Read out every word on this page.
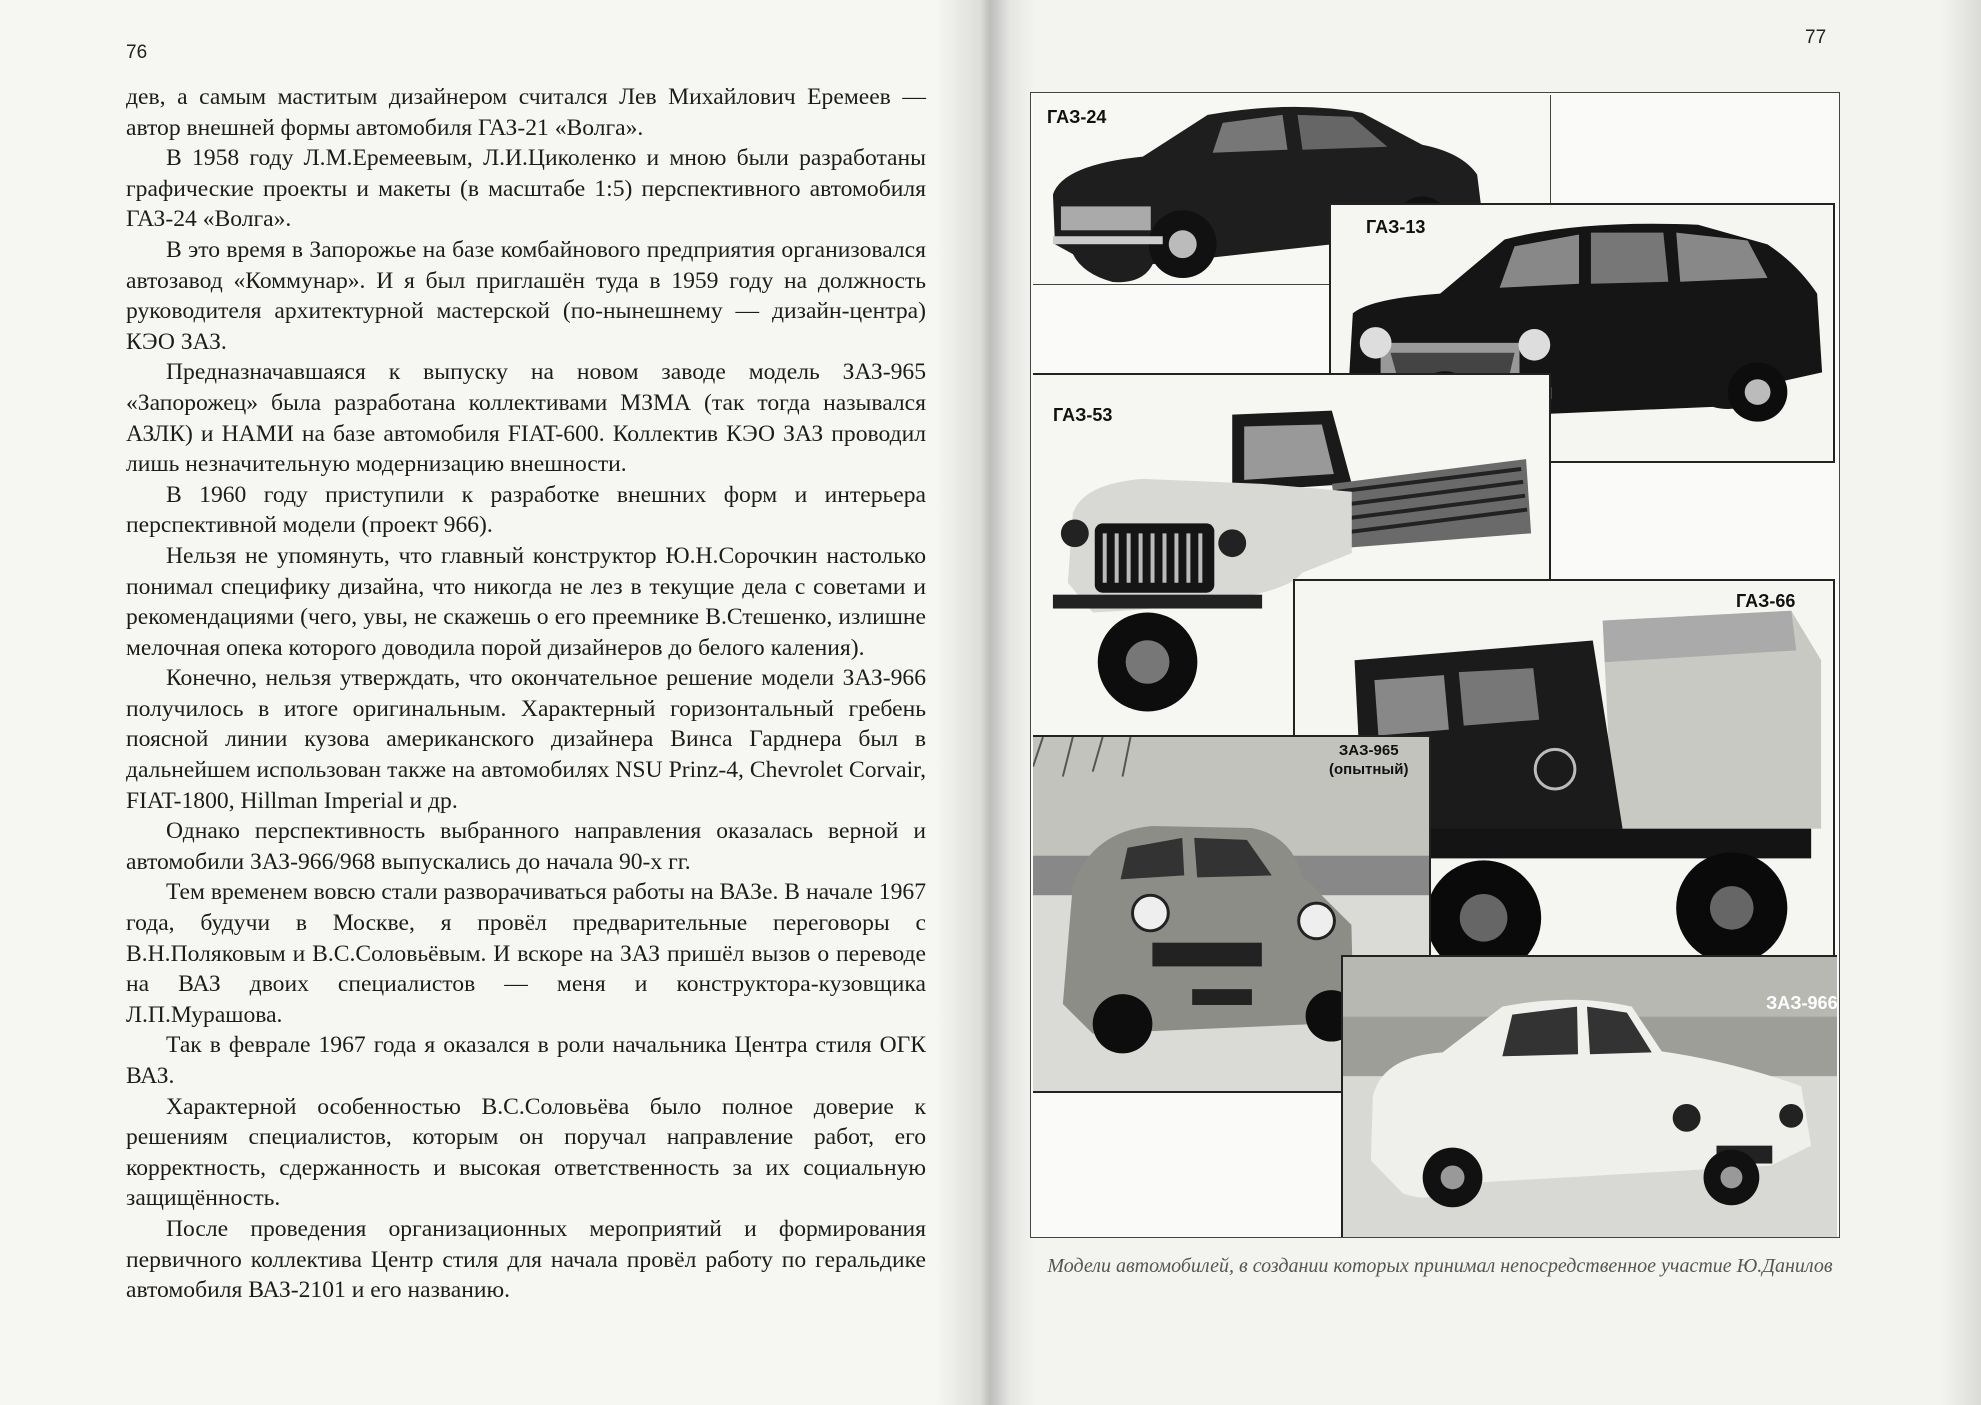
76
77

дев, а самым маститым дизайнером считался Лев Михайлович Еремеев — автор внешней формы автомобиля ГАЗ-21 «Волга».

В 1958 году Л.М.Еремеевым, Л.И.Циколенко и мною были разработаны графические проекты и макеты (в масштабе 1:5) перспективного автомобиля ГАЗ-24 «Волга».

В это время в Запорожье на базе комбайнового предприятия организовался автозавод «Коммунар». И я был приглашён туда в 1959 году на должность руководителя архитектурной мастерской (по-нынешнему — дизайн-центра) КЭО ЗАЗ.

Предназначавшаяся к выпуску на новом заводе модель ЗАЗ-965 «Запорожец» была разработана коллективами МЗМА (так тогда назывался АЗЛК) и НАМИ на базе автомобиля FIAT-600. Коллектив КЭО ЗАЗ проводил лишь незначительную модернизацию внешности.

В 1960 году приступили к разработке внешних форм и интерьера перспективной модели (проект 966).

Нельзя не упомянуть, что главный конструктор Ю.Н.Сорочкин настолько понимал специфику дизайна, что никогда не лез в текущие дела с советами и рекомендациями (чего, увы, не скажешь о его преемнике В.Стешенко, излишне мелочная опека которого доводила порой дизайнеров до белого каления).

Конечно, нельзя утверждать, что окончательное решение модели ЗАЗ-966 получилось в итоге оригинальным. Характерный горизонтальный гребень поясной линии кузова американского дизайнера Винса Гарднера был в дальнейшем использован также на автомобилях NSU Prinz-4, Chevrolet Corvair, FIAT-1800, Hillman Imperial и др.

Однако перспективность выбранного направления оказалась верной и автомобили ЗАЗ-966/968 выпускались до начала 90-х гг.

Тем временем вовсю стали разворачиваться работы на ВАЗе. В начале 1967 года, будучи в Москве, я провёл предварительные переговоры с В.Н.Поляковым и В.С.Соловьёвым. И вскоре на ЗАЗ пришёл вызов о переводе на ВАЗ двоих специалистов — меня и конструктора-кузовщика Л.П.Мурашова.

Так в феврале 1967 года я оказался в роли начальника Центра стиля ОГК ВАЗ.

Характерной особенностью В.С.Соловьёва было полное доверие к решениям специалистов, которым он поручал направление работ, его корректность, сдержанность и высокая ответственность за их социальную защищённость.

После проведения организационных мероприятий и формирования первичного коллектива Центр стиля для начала провёл работу по геральдике автомобиля ВАЗ-2101 и его названию.

ГАЗ-24
ГАЗ-13
ГАЗ-53
ГАЗ-66
ЗАЗ-965
(опытный)
ЗАЗ-966
Модели автомобилей, в создании которых принимал непосредственное участие Ю.Данилов
